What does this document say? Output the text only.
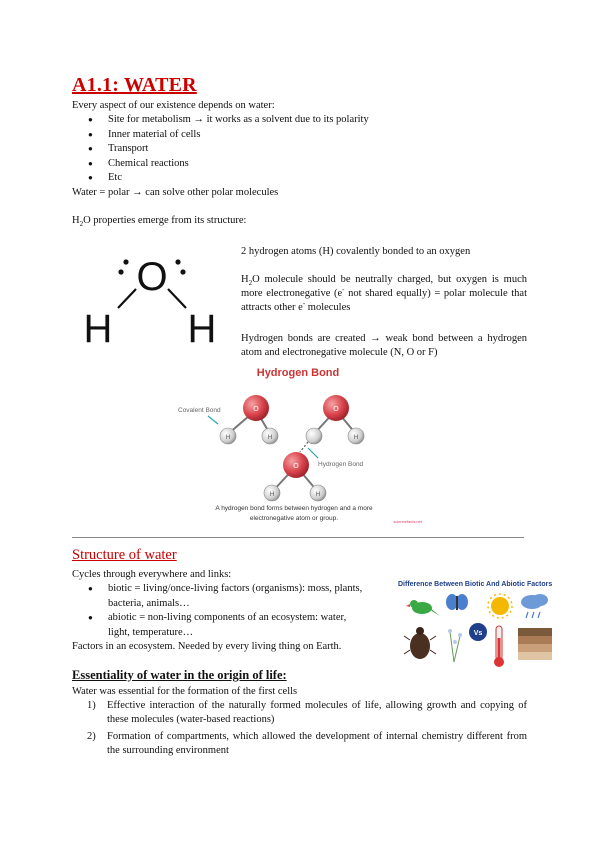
A1.1: WATER
Every aspect of our existence depends on water:
● Site for metabolism → it works as a solvent due to its polarity
● Inner material of cells
● Transport
● Chemical reactions
● Etc
Water = polar → can solve other polar molecules
$H_2O$ properties emerge from its structure:
O
H H
2 hydrogen atoms (H) covalently bonded to an oxygen
$H_2O$ molecule should be neutrally charged, but oxygen is much more electronegative (e- not shared equally) = polar molecule that attracts other e- molecules
Hydrogen bonds are created → weak bond between a hydrogen atom and electronegative molecule (N, O or F)
Hydrogen Bond
O
H	H
O
H
O
H	H
Covalent Bond
Hydrogen Bond
A hydrogen bond forms between hydrogen and a more
electronegative atom or group.	sciencefacts.net
Structure of water
Cycles through everywhere and links:
● biotic = living/once-living factors (organisms): moss, plants,
bacteria, animals…
● abiotic = non-living components of an ecosystem: water,
light, temperature…
Factors in an ecosystem. Needed by every living thing on Earth.
Difference Between Biotic And Abiotic Factors
Vs
Essentiality of water in the origin of life:
Water was essential for the formation of the first cells
1) Effective interaction of the naturally formed molecules of life, allowing growth and copying of these molecules (water-based reactions)
2) Formation of compartments, which allowed the development of internal chemistry different from the surrounding environment
